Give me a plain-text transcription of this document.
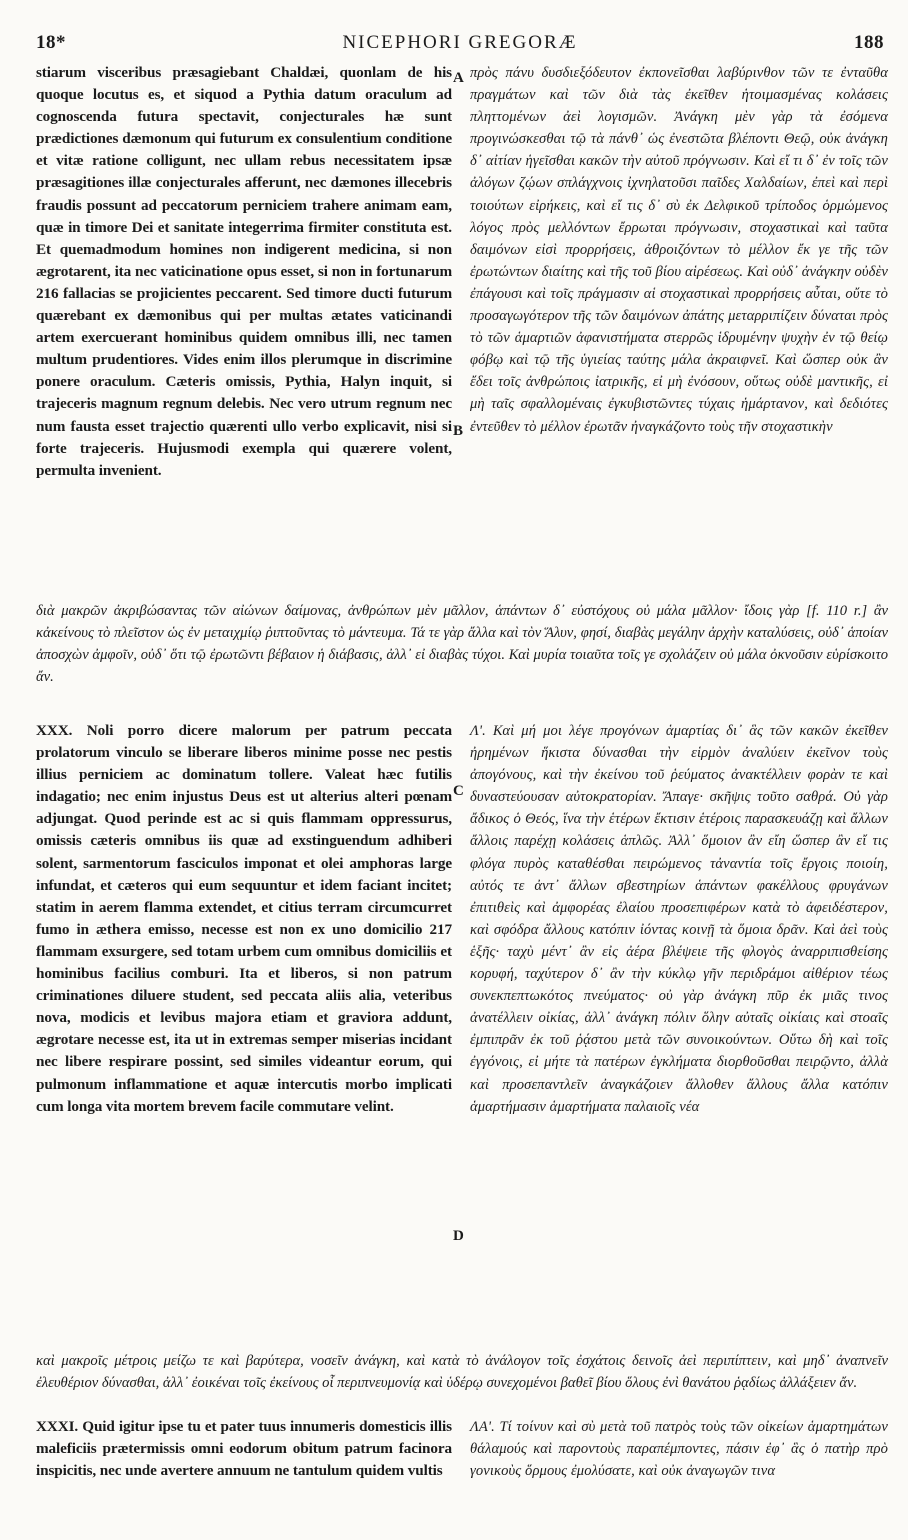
18*	NICEPHORI GREGORÆ	188
stiarum visceribus præsagiebant Chaldæi, quonlam de his quoque locutus es, et siquod a Pythia datum oraculum ad cognoscenda futura spectavit, conjecturales hæ sunt prædictiones dæmonum qui futurum ex consulentium conditione et vitæ ratione colligunt, nec ullam rebus necessitatem ipsæ præsagitiones illæ conjecturales afferunt, nec dæmones illecebris fraudis possunt ad peccatorum perniciem trahere animam eam, quæ in timore Dei et sanitate integerrima firmiter constituta est. Et quemadmodum homines non indigerent medicina, si non ægrotarent, ita nec vaticinatione opus esset, si non in fortunarum 216 fallacias se projicientes peccarent. Sed timore ducti futurum quærebant ex dæmonibus qui per multas ætates vaticinandi artem exercuerant hominibus quidem omnibus illi, nec tamen multum prudentiores. Vides enim illos plerumque in discrimine ponere oraculum. Cæteris omissis, Pythia, Halyn inquit, si trajeceris magnum regnum delebis. Nec vero utrum regnum nec num fausta esset trajectio quærenti ullo verbo explicavit, nisi si forte trajeceris. Hujusmodi exempla qui quærere volent, permulta invenient.
A πρὸς πάνυ δυσδιεξόδευτον ἐκπονεῖσθαι λαβύρινθον τῶν τε ἐνταῦθα πραγμάτων καὶ τῶν διὰ τὰς ἐκεῖθεν ἡτοιμασμένας κολάσεις πληττομένων ἀεὶ λογισμῶν. Ἀνάγκη μὲν γὰρ τὰ ἐσόμενα προγινώσκεσθαι τῷ τὰ πάνθ᾽ ὡς ἐνεστῶτα βλέποντι Θεῷ, οὐκ ἀνάγκη δ᾽ αἰτίαν ἡγεῖσθαι κακῶν τὴν αὐτοῦ πρόγνωσιν. Καὶ εἴ τι δ᾽ ἐν τοῖς τῶν ἀλόγων ζῴων σπλάγχνοις ἰχνηλατοῦσι παῖδες Χαλδαίων, ἐπεὶ καὶ περὶ τοιούτων εἰρήκεις, καὶ εἴ τις δ᾽ σὺ ἐκ Δελφικοῦ τρίποδος ὁρμώμενος λόγος πρὸς μελλόντων ἔρρωται πρόγνωσιν, στοχαστικαὶ καὶ ταῦτα δαιμόνων εἰσὶ προρρήσεις, ἀθροιζόντων τὸ μέλλον ἔκ γε τῆς τῶν ἐρωτώντων διαίτης καὶ τῆς τοῦ βίου αἱρέσεως. Καὶ οὐδ᾽ ἀνάγκην οὐδὲν ἐπάγουσι καὶ τοῖς πράγμασιν αἱ στοχαστικαὶ προρρήσεις αὗται, οὔτε τὸ προσαγωγότερον τῆς τῶν δαιμόνων ἀπάτης μεταρριπίζειν δύναται πρὸς τὸ τῶν ἁμαρτιῶν ἀφανιστήματα στερρῶς ἱδρυμένην ψυχὴν ἐν τῷ θείῳ φόβῳ καὶ τῷ τῆς ὑγιείας ταύτης μάλα ἀκραιφνεῖ. Καὶ ὥσπερ οὐκ ἂν ἔδει τοῖς ἀνθρώποις ἰατρικῆς, εἰ μὴ ἐνόσουν, οὕτως οὐδὲ μαντικῆς, εἰ μὴ ταῖς σφαλλομέναις ἐγκυβιστῶντες τύχαις ἡμάρτανον, καὶ δεδιότες ἐντεῦθεν τὸ μέλλον ἐρωτᾶν ἠναγκάζοντο τοὺς τῆν στοχαστικὴν
B
διὰ μακρῶν ἀκριβώσαντας τῶν αἰώνων δαίμονας, ἀνθρώπων μὲν μᾶλλον, ἁπάντων δ᾽ εὐστόχους οὐ μάλα μᾶλλον· ἴδοις γὰρ [f. 110 r.] ἂν κἀκείνους τὸ πλεῖστον ὡς ἐν μεταιχμίῳ ῥιπτοῦντας τὸ μάντευμα. Τά τε γὰρ ἄλλα καὶ τὸν Ἅλυν, φησί, διαβὰς μεγάλην ἀρχὴν καταλύσεις, οὐδ᾽ ἁποίαν ἀποσχὼν ἀμφοῖν, οὐδ᾽ ὅτι τῷ ἐρωτῶντι βέβαιον ἡ διάβασις, ἀλλ᾽ εἰ διαβὰς τύχοι. Καὶ μυρία τοιαῦτα τοῖς γε σχολάζειν οὐ μάλα ὀκνοῦσιν εὑρίσκοιτο ἄν.
XXX. Noli porro dicere malorum per patrum peccata prolatorum vinculo se liberare liberos minime posse nec pestis illius perniciem ac dominatum tollere. Valeat hæc futilis indagatio; nec enim injustus Deus est ut alterius alteri pœnam adjungat. Quod perinde est ac si quis flammam oppressurus, omissis cæteris omnibus iis quæ ad exstinguendum adhiberi solent, sarmentorum fasciculos imponat et olei amphoras large infundat, et cæteros qui eum sequuntur et idem faciant incitet; statim in aerem flamma extendet, et citius terram circumcurret fumo in æthera emisso, necesse est non ex uno domicilio 217 flammam exsurgere, sed totam urbem cum omnibus domiciliis et hominibus facilius comburi. Ita et liberos, si non patrum criminationes diluere student, sed peccata aliis alia, veteribus nova, modicis et levibus majora etiam et graviora addunt, ægrotare necesse est, ita ut in extremas semper miserias incidant nec libere respirare possint, sed similes videantur eorum, qui pulmonum inflammatione et aquæ intercutis morbo implicati cum longa vita mortem brevem facile commutare velint.
C
Λ'. Καὶ μή μοι λέγε προγόνων ἁμαρτίας δι᾽ ἃς τῶν κακῶν ἐκεῖθεν ἠρημένων ἥκιστα δύνασθαι τὴν εἱρμὸν ἀναλύειν ἐκεῖνον τοὺς ἀπογόνους, καὶ τὴν ἐκείνου τοῦ ῥεύματος ἀνακτέλλειν φορὰν τε καὶ δυναστεύουσαν αὐτοκρατορίαν. Ἄπαγε· σκῆψις τοῦτο σαθρά. Οὐ γὰρ ἄδικος ὁ Θεός, ἵνα τὴν ἑτέρων ἔκτισιν ἑτέροις παρασκευάζῃ καὶ ἄλλων ἄλλοις παρέχῃ κολάσεις ἁπλῶς. Ἀλλ᾽ ὅμοιον ἂν εἴη ὥσπερ ἂν εἴ τις φλόγα πυρὸς καταθέσθαι πειρώμενος τἀναντία τοῖς ἔργοις ποιοίη, αὐτός τε ἀντ᾽ ἄλλων σβεστηρίων ἁπάντων φακέλλους φρυγάνων ἐπιτιθεὶς καὶ ἀμφορέας ἐλαίου προσεπιφέρων κατὰ τὸ ἀφειδέστερον, καὶ σφόδρα ἄλλους κατόπιν ἰόντας κοινῇ τὰ ὅμοια δρᾶν. Καὶ ἀεὶ τοὺς ἑξῆς· ταχὺ μέντ᾽ ἂν εἰς ἀέρα βλέψειε τῆς φλογὸς ἀναρριπισθείσης κορυφή, ταχύτερον δ᾽ ἂν τὴν κύκλῳ γῆν περιδράμοι αἰθέριον τέως συνεκπεπτωκότος πνεύματος· οὐ γὰρ ἀνάγκη πῦρ ἐκ μιᾶς τινος ἀνατέλλειν οἰκίας, ἀλλ᾽ ἀνάγκη πόλιν ὅλην αὐταῖς οἰκίαις καὶ στοαῖς ἐμπιπρᾶν ἐκ τοῦ ῥᾴστου μετὰ τῶν συνοικούντων. Οὕτω δὴ καὶ τοῖς ἐγγόνοις, εἰ μήτε τὰ πατέρων ἐγκλήματα διορθοῦσθαι πειρῷντο, ἀλλὰ καὶ προσεπαντλεῖν ἀναγκάζοιεν ἄλλοθεν ἄλλους ἄλλα κατόπιν ἁμαρτήμασιν ἁμαρτήματα παλαιοῖς νέα
D
καὶ μακροῖς μέτροις μείζω τε καὶ βαρύτερα, νοσεῖν ἀνάγκη, καὶ κατὰ τὸ ἀνάλογον τοῖς ἐσχάτοις δεινοῖς ἀεὶ περιπίπτειν, καὶ μηδ᾽ ἀναπνεῖν ἐλευθέριον δύνασθαι, ἀλλ᾽ ἐοικέναι τοῖς ἐκείνους οἷ περιπνευμονίᾳ καὶ ὑδέρῳ συνεχομένοι βαθεῖ βίου ὅλους ἐνὶ θανάτου ῥᾳδίως ἀλλάξειεν ἄν.
XXXI. Quid igitur ipse tu et pater tuus innumeris domesticis illis maleficiis prætermissis omni eodorum obitum patrum facinora inspicitis, nec unde avertere annuum ne tantulum quidem vultis
ΛΑ'. Τί τοίνυν καὶ σὺ μετὰ τοῦ πατρὸς τοὺς τῶν οἰκείων ἁμαρτημάτων θάλαμούς καὶ παροντοὺς παραπέμποντες, πάσιν ἐφ᾽ ἃς ὁ πατὴρ πρὸ γονικοὺς ὅρμους ἐμολύσατε, καὶ οὐκ ἀναγωγῶν τινα
